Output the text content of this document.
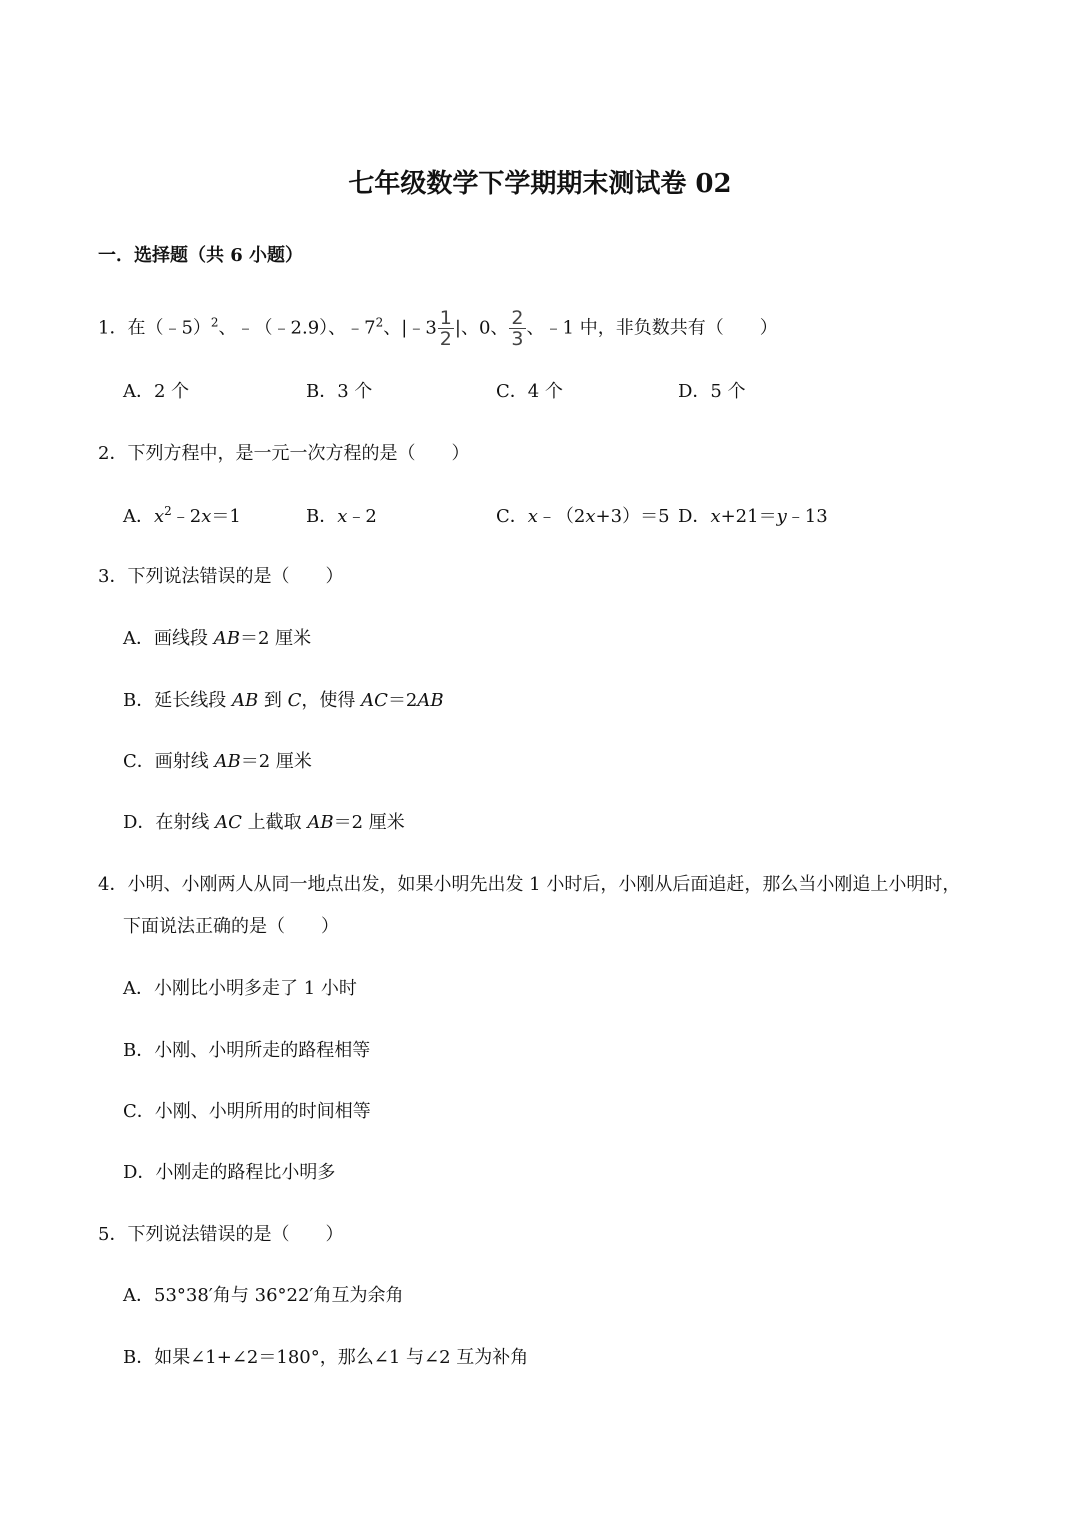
七年级数学下学期期末测试卷 02
一．选择题（共 6 小题）
1．在（﹣5）$^2$、﹣（﹣2.9）、$﹣7^2$、|﹣3 $\frac{1}{2}$ |、0、 $\frac{2}{3}$ 、﹣1 中，非负数共有（　　）
A．2 个	B．3 个	C．4 个	D．5 个
2．下列方程中，是一元一次方程的是（　　）
A．$x^2﹣2x=1$	B．x﹣2	C．x﹣（2x+3）＝5 D．x+21＝y﹣13
3．下列说法错误的是（　　）
A．画线段 AB＝2 厘米
B．延长线段 AB 到 C，使得 AC＝2AB
C．画射线 AB＝2 厘米
D．在射线 AC 上截取 AB＝2 厘米
4．小明、小刚两人从同一地点出发，如果小明先出发 1 小时后，小刚从后面追赶，那么当小刚追上小明时，
下面说法正确的是（　　）
A．小刚比小明多走了 1 小时
B．小刚、小明所走的路程相等
C．小刚、小明所用的时间相等
D．小刚走的路程比小明多
5．下列说法错误的是（　　）
A．53°38′角与 36°22′角互为余角
B．如果∠1+∠2＝180°，那么∠1 与∠2 互为补角
